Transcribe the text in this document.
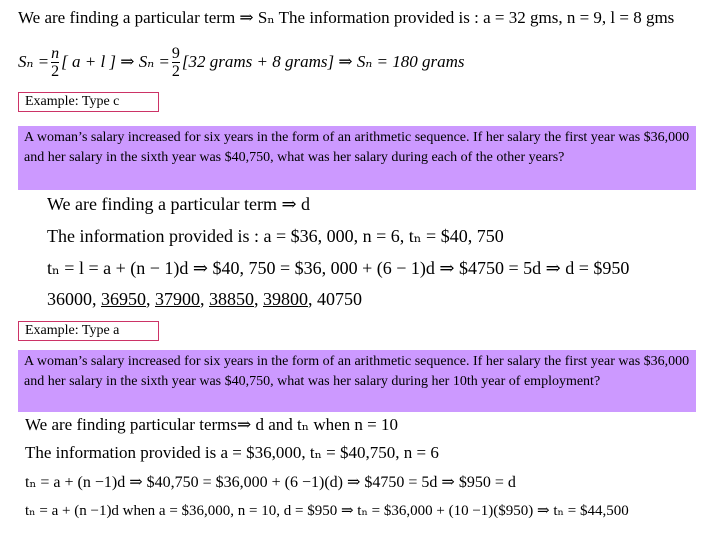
We are finding a particular term ⇒ Sₙ The information provided is : a = 32 gms, n = 9, l = 8 gms
$S_n = \frac{n}{2}$ [ a + l ] ⇒ $S_n = \frac{9}{2} [32$ grams + 8 grams] ⇒ Sₙ = 180 grams
Example: Type c
A woman’s salary increased for six years in the form of an arithmetic sequence. If her salary the first year was $36,000 and her salary in the sixth year was $40,750, what was her salary during each of the other years?
We are finding a particular term ⇒ d
The information provided is : a = $36, 000, n = 6, tₙ = $40, 750
tₙ = l = a + (n − 1)d ⇒ $40, 750 = $36, 000 + (6 − 1)d ⇒ $4750 = 5d ⇒ d = $950
36000, 36950, 37900, 38850, 39800, 40750
Example: Type a
A woman’s salary increased for six years in the form of an arithmetic sequence. If her salary the first year was $36,000 and her salary in the sixth year was $40,750, what was her salary during her 10th year of employment?
We are finding particular terms⇒ d and tₙ when n = 10
The information provided is a = $36,000, tₙ = $40,750, n = 6
tₙ = a + (n −1)d ⇒ $40,750 = $36,000 + (6 −1)(d) ⇒ $4750 = 5d ⇒ $950 = d
tₙ = a + (n −1)d when a = $36,000, n = 10, d = $950 ⇒ tₙ = $36,000 + (10 −1)($950) ⇒ tₙ = $44,500
